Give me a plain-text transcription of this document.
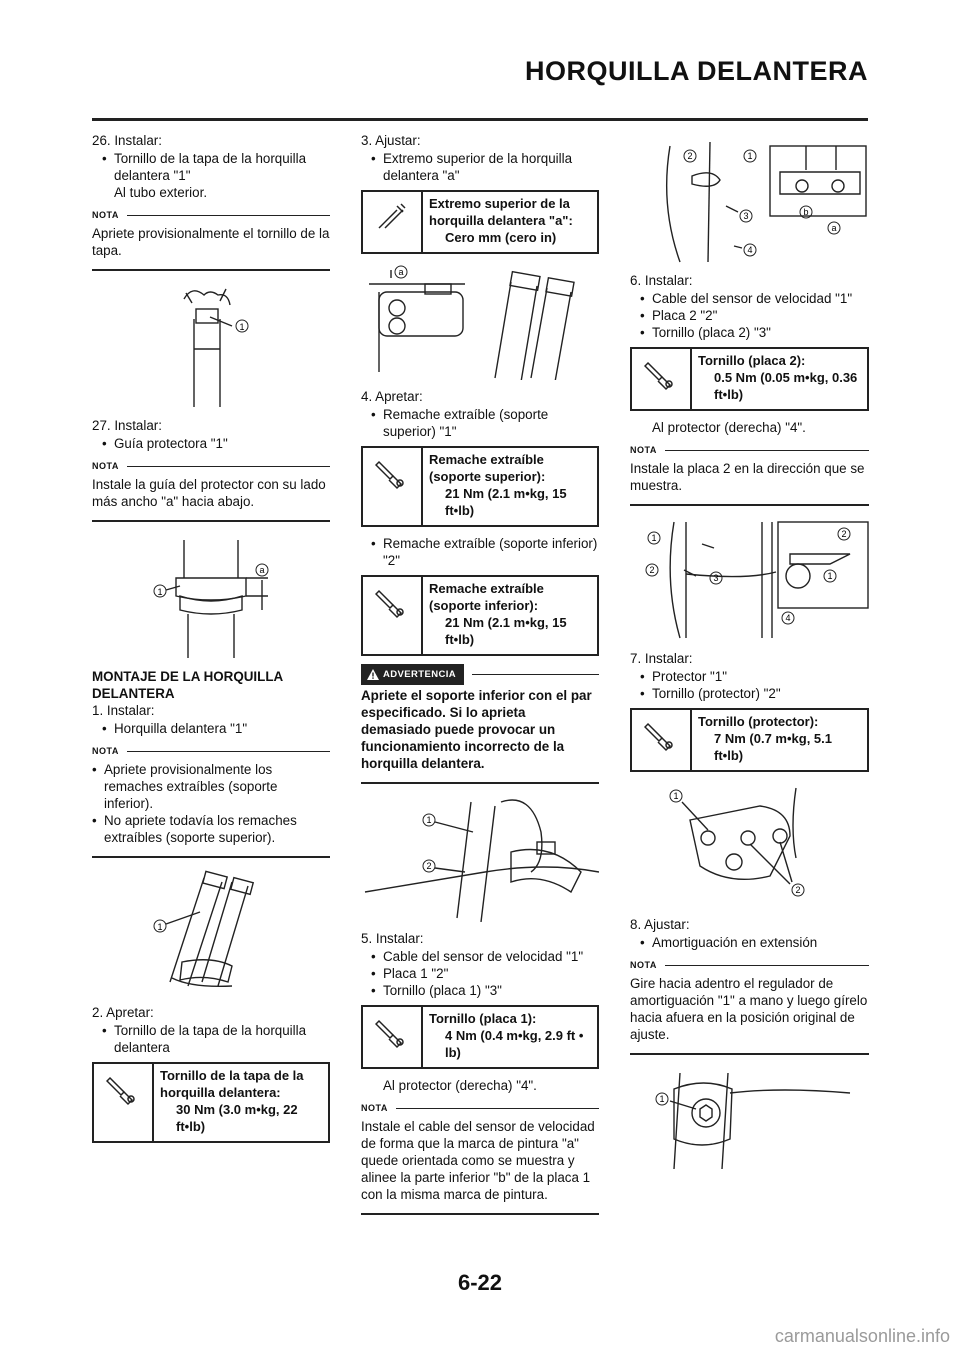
HORQUILLA DELANTERA
26. Instalar:
• Tornillo de la tapa de la horquilla delantera "1"
Al tubo exterior.
NOTA
Apriete provisionalmente el tornillo de la tapa.
1
27. Instalar:
• Guía protectora "1"
NOTA
Instale la guía del protector con su lado más ancho "a" hacia abajo.
1
a
MONTAJE DE LA HORQUILLA DELANTERA
1. Instalar:
• Horquilla delantera "1"
NOTA
• Apriete provisionalmente los remaches extraíbles (soporte inferior).
• No apriete todavía los remaches extraíbles (soporte superior).
1
2. Apretar:
• Tornillo de la tapa de la horquilla delantera
Tornillo de la tapa de la horquilla delantera:
30 Nm (3.0 m•kg, 22 ft•lb)
3. Ajustar:
• Extremo superior de la horquilla delantera "a"
Extremo superior de la horquilla delantera "a":
Cero mm (cero in)
a
4. Apretar:
• Remache extraíble (soporte superior) "1"
Remache extraíble (soporte superior):
21 Nm (2.1 m•kg, 15 ft•lb)
• Remache extraíble (soporte inferior) "2"
Remache extraíble (soporte inferior):
21 Nm (2.1 m•kg, 15 ft•lb)
ADVERTENCIA
Apriete el soporte inferior con el par especificado. Si lo aprieta demasiado puede provocar un funcionamiento incorrecto de la horquilla delantera.
1
2
5. Instalar:
• Cable del sensor de velocidad "1"
• Placa 1 "2"
• Tornillo (placa 1) "3"
Tornillo (placa 1):
4 Nm (0.4 m•kg, 2.9 ft • lb)
Al protector (derecha) "4".
NOTA
Instale el cable del sensor de velocidad de forma que la marca de pintura "a" quede orientada como se muestra y alinee la parte inferior "b" de la placa 1 con la misma marca de pintura.
2	1
3
4
b
a
6. Instalar:
• Cable del sensor de velocidad "1"
• Placa 2 "2"
• Tornillo (placa 2) "3"
Tornillo (placa 2):
0.5 Nm (0.05 m•kg, 0.36 ft•lb)
Al protector (derecha) "4".
NOTA
Instale la placa 2 en la dirección que se muestra.
1
2
3
4
2
1
7. Instalar:
• Protector "1"
• Tornillo (protector) "2"
Tornillo (protector):
7 Nm (0.7 m•kg, 5.1 ft•lb)
1
2
8. Ajustar:
• Amortiguación en extensión
NOTA
Gire hacia adentro el regulador de amortiguación "1" a mano y luego gírelo hacia afuera en la posición original de ajuste.
1
6-22
carmanualsonline.info
